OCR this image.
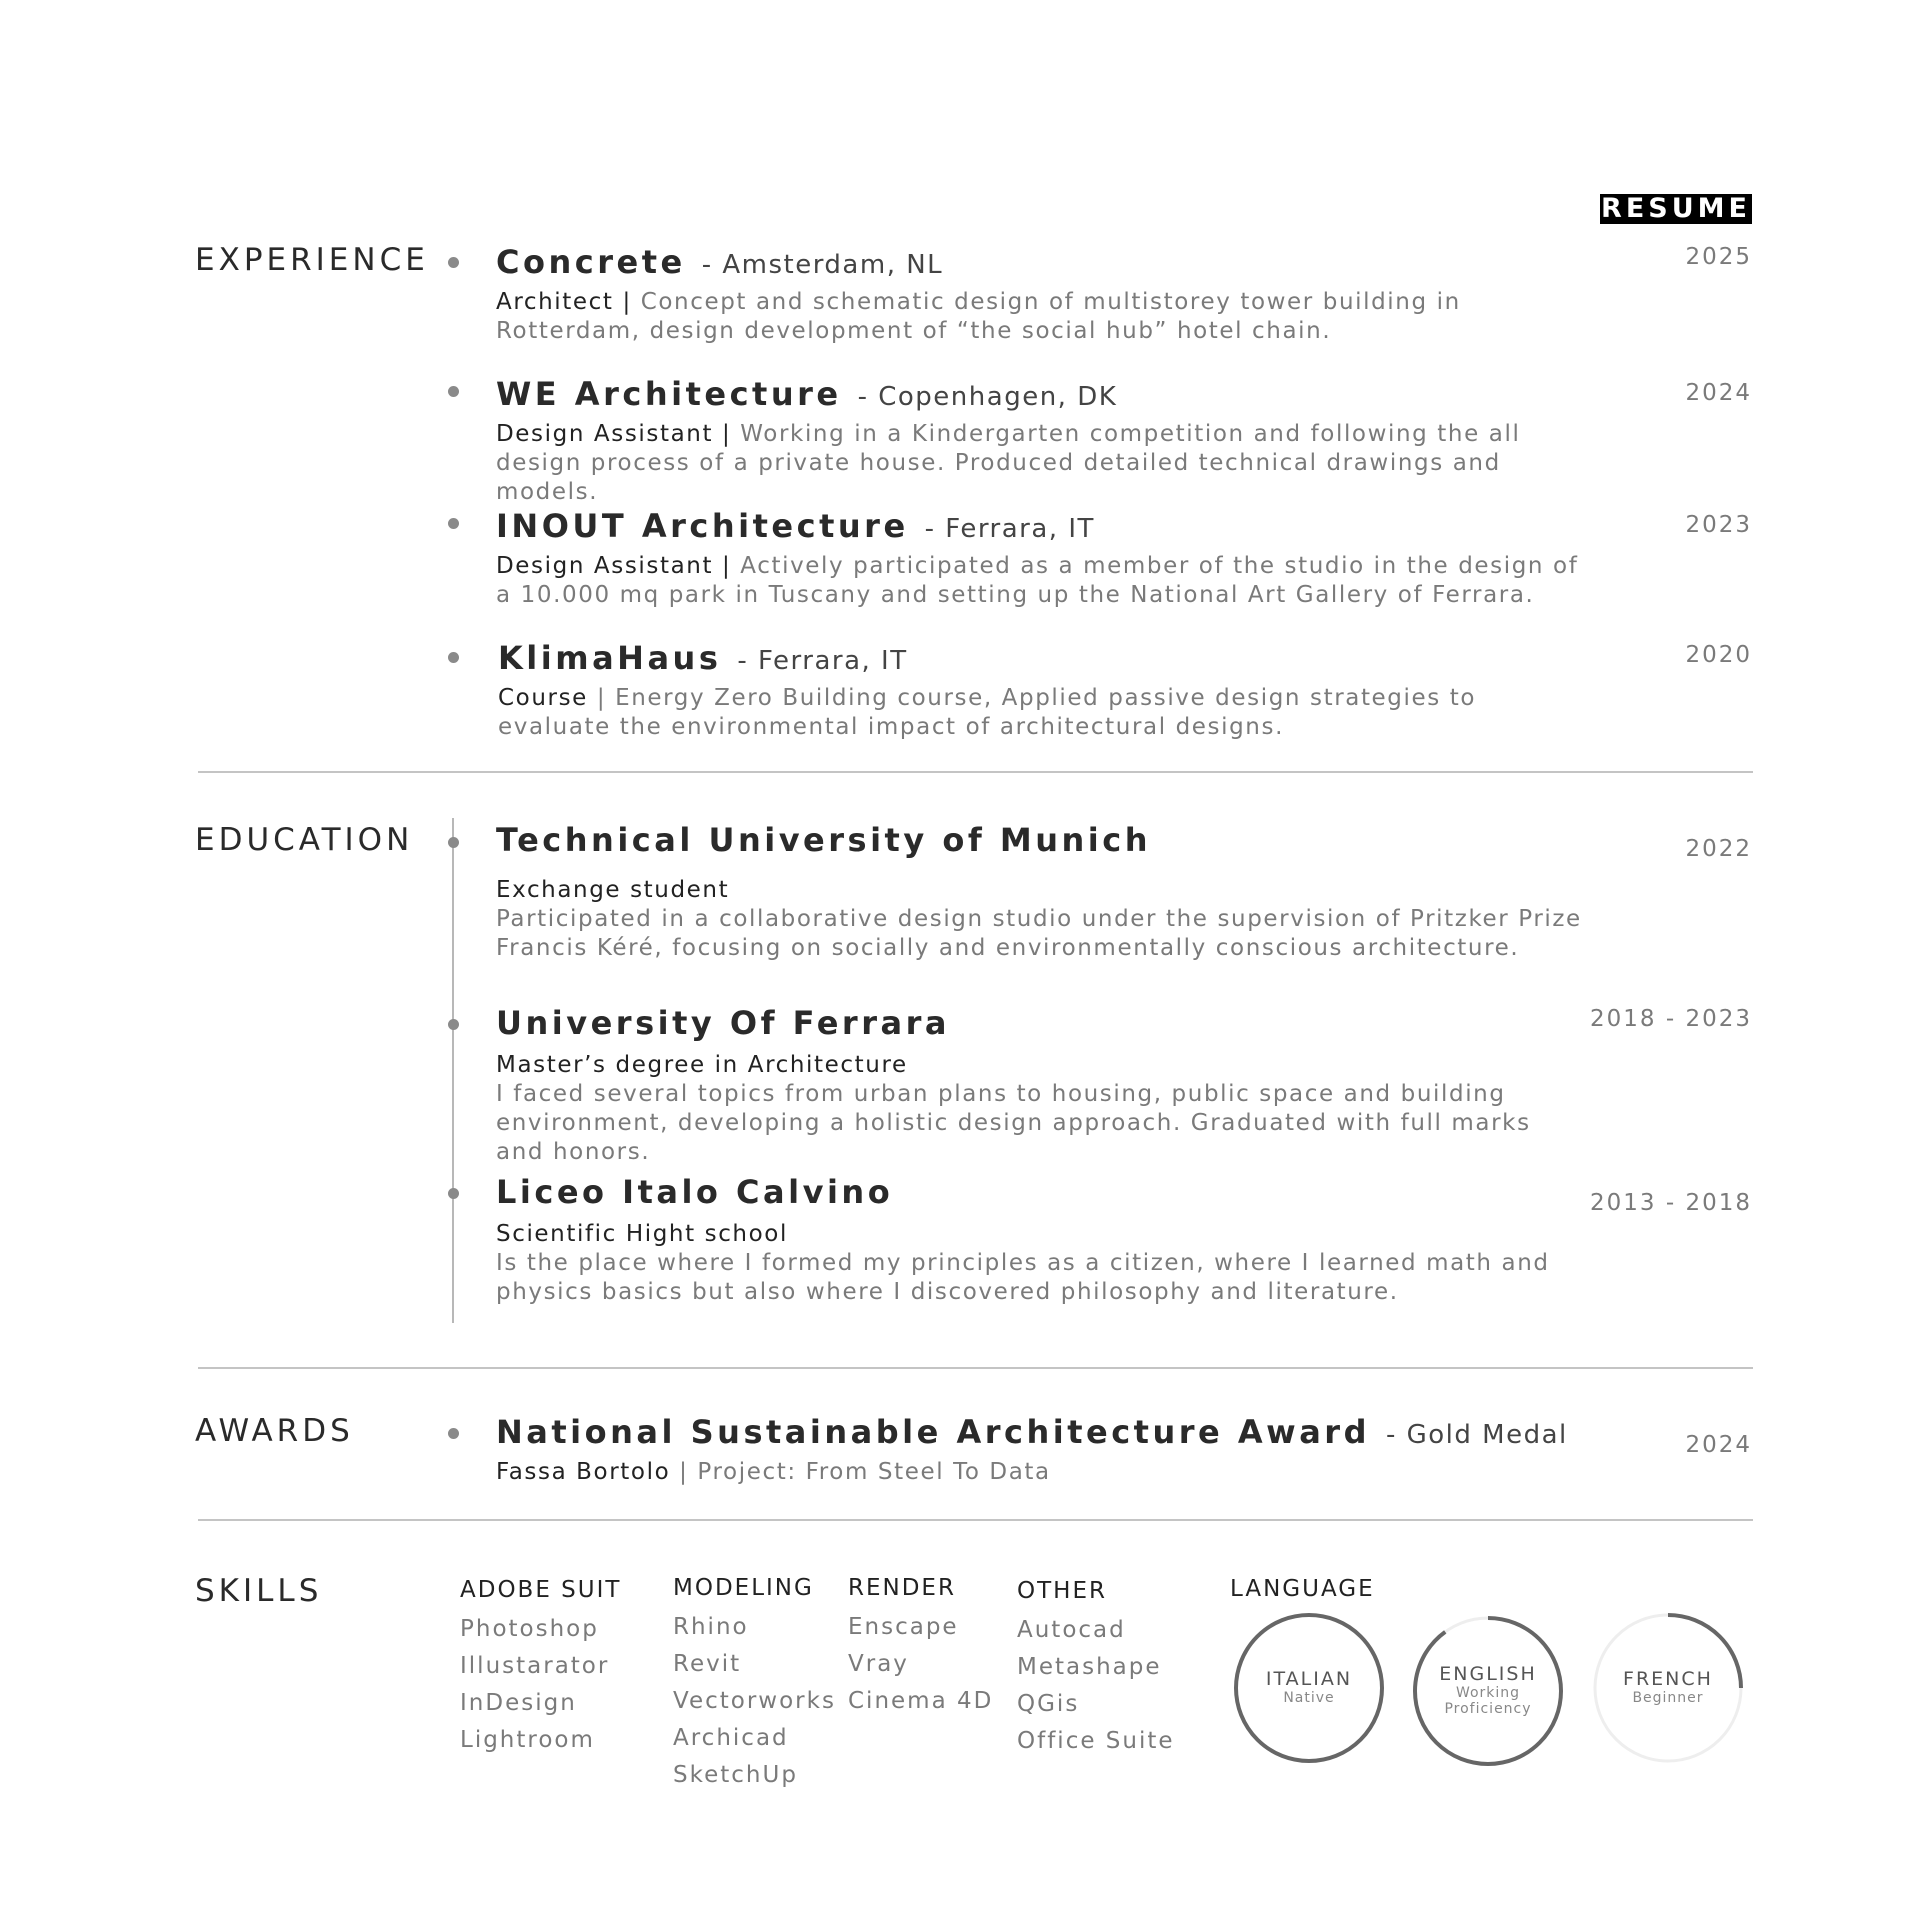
RESUME
EXPERIENCE Concrete - Amsterdam, NL
Architect | Concept and schematic design of multistorey tower building in Rotterdam, design development of “the social hub” hotel chain.
2025
WE Architecture - Copenhagen, DK
Design Assistant | Working in a Kindergarten competition and following the all design process of a private house. Produced detailed technical drawings and models.
2024
INOUT Architecture - Ferrara, IT
Design Assistant | Actively participated as a member of the studio in the design of a 10.000 mq park in Tuscany and setting up the National Art Gallery of Ferrara.
2023
KlimaHaus - Ferrara, IT
Course | Energy Zero Building course, Applied passive design strategies to evaluate the environmental impact of architectural designs.
2020
EDUCATION	Technical University of Munich
Exchange student
Participated in a collaborative design studio under the supervision of Pritzker Prize Francis Kéré, focusing on socially and environmentally conscious architecture.
2022
University Of Ferrara
Master’s degree in Architecture
I faced several topics from urban plans to housing, public space and building environment, developing a holistic design approach. Graduated with full marks and honors.
2018 - 2023
Liceo Italo Calvino
Scientific Hight school
Is the place where I formed my principles as a citizen, where I learned math and physics basics but also where I discovered philosophy and literature.
2013 - 2018
AWARDS	National Sustainable Architecture Award - Gold Medal
Fassa Bortolo | Project: From Steel To Data
2024
SKILLS	ADOBE SUIT
Photoshop
Illustarator
InDesign
Lightroom
MODELING
Rhino
Revit
Vectorworks
Archicad
SketchUp
RENDER
Enscape
Vray
Cinema 4D
OTHER
Autocad
Metashape
QGis
Office Suite
LANGUAGE
ITALIAN
Native
ENGLISH
Working Proficiency
FRENCH
Beginner
